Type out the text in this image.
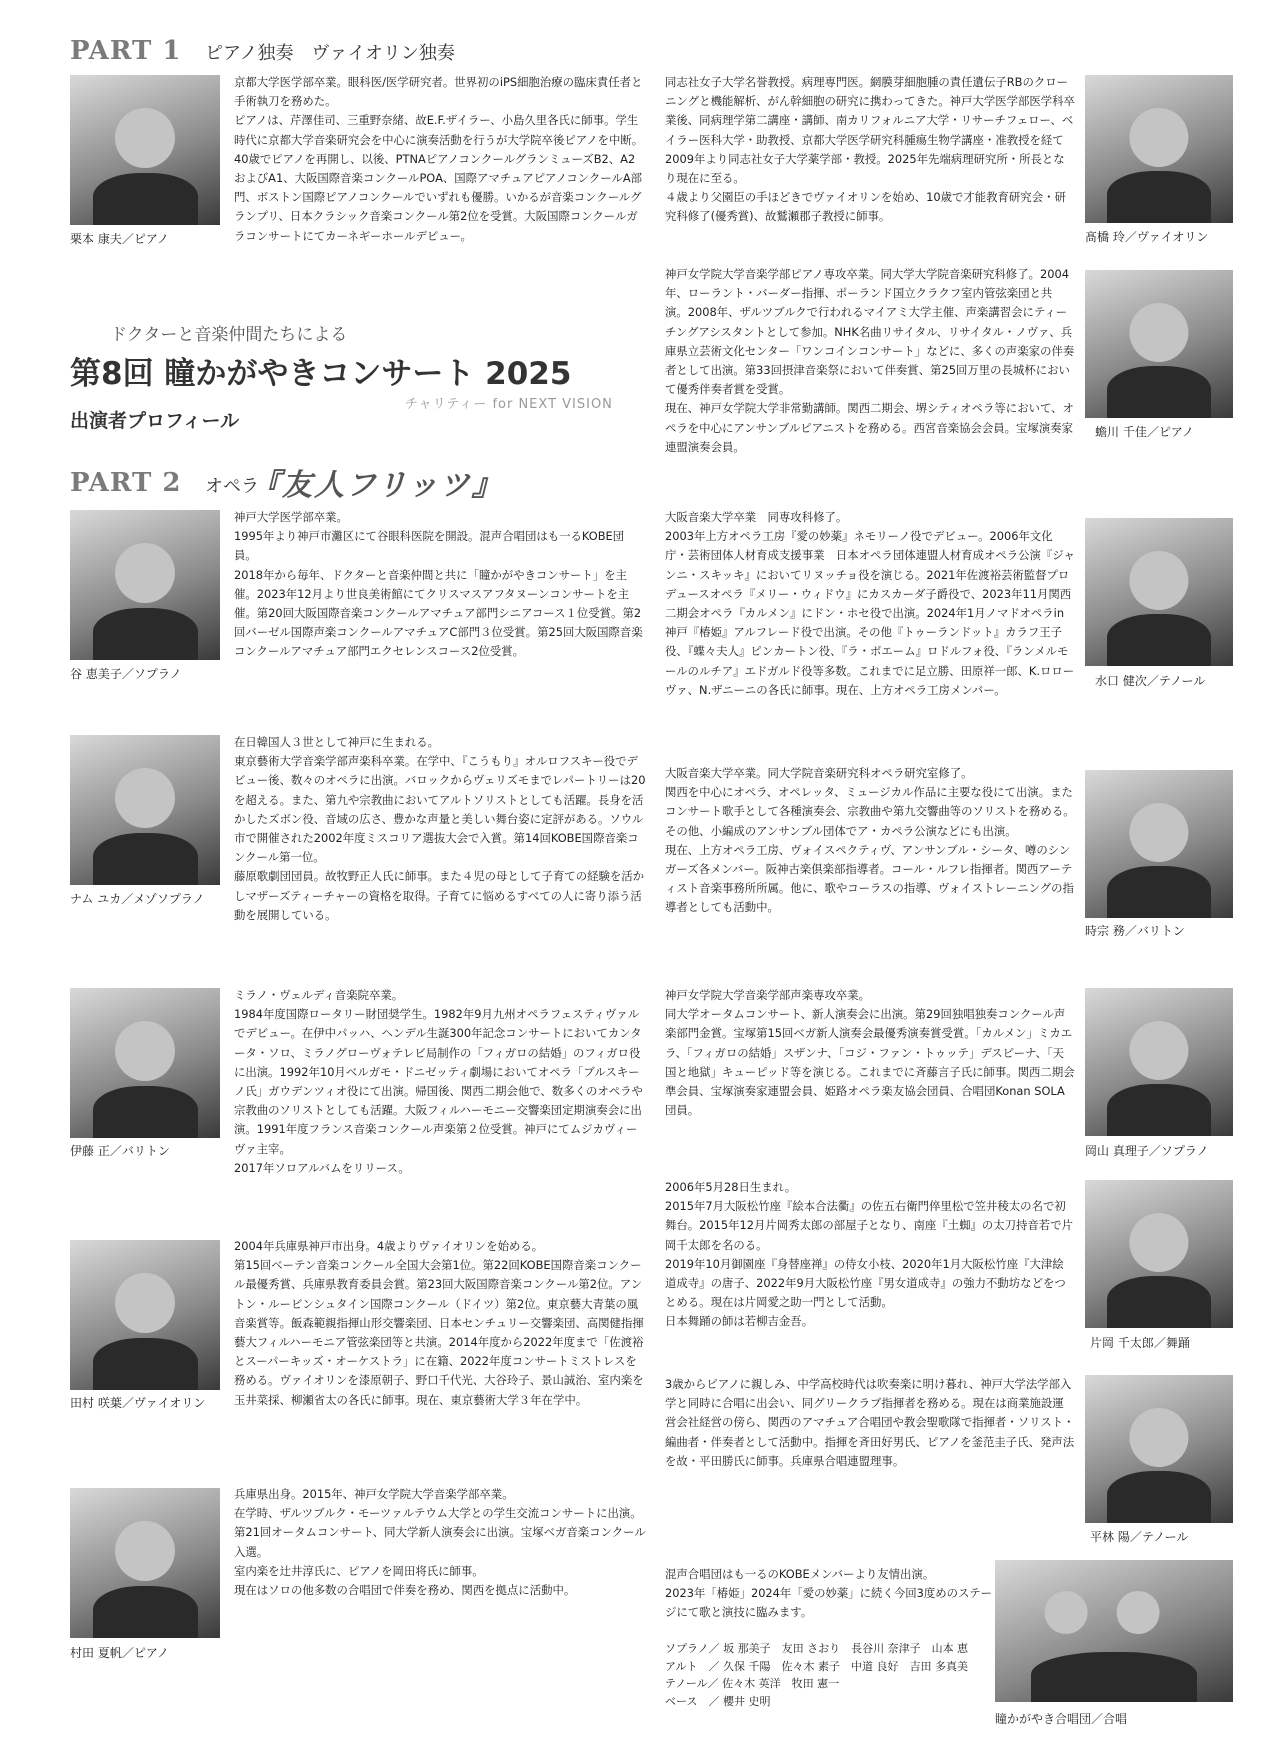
PART 1 ピアノ独奏　ヴァイオリン独奏
栗本 康夫／ピアノ

京都大学医学部卒業。眼科医/医学研究者。世界初のiPS細胞治療の臨床責任者と手術執刀を務めた。

ピアノは、芹澤佳司、三重野奈緒、故E.F.ザイラー、小島久里各氏に師事。学生時代に京都大学音楽研究会を中心に演奏活動を行うが大学院卒後ピアノを中断。40歳でピアノを再開し、以後、PTNAピアノコンクールグランミューズB2、A2およびA1、大阪国際音楽コンクールPOA、国際アマチュアピアノコンクールA部門、ボストン国際ピアノコンクールでいずれも優勝。いかるが音楽コンクールグランプリ、日本クラシック音楽コンクール第2位を受賞。大阪国際コンクールガラコンサートにてカーネギーホールデビュー。

ドクターと音楽仲間たちによる
第8回 瞳かがやきコンサート 2025
チャリティー for NEXT VISION
出演者プロフィール
PART 2 オペラ
『友人フリッツ』
谷 恵美子／ソプラノ

神戸大学医学部卒業。

1995年より神戸市灘区にて谷眼科医院を開設。混声合唱団はも一るKOBE団員。

2018年から毎年、ドクターと音楽仲間と共に「瞳かがやきコンサート」を主催。2023年12月より世良美術館にてクリスマスアフタヌーンコンサートを主催。第20回大阪国際音楽コンクールアマチュア部門シニアコース１位受賞。第2回バーゼル国際声楽コンクールアマチュアC部門３位受賞。第25回大阪国際音楽コンクールアマチュア部門エクセレンスコース2位受賞。

ナム ユカ／メゾソプラノ

在日韓国人３世として神戸に生まれる。

東京藝術大学音楽学部声楽科卒業。在学中、『こうもり』オルロフスキー役でデビュー後、数々のオペラに出演。バロックからヴェリズモまでレパートリーは20を超える。また、第九や宗教曲においてアルトソリストとしても活躍。長身を活かしたズボン役、音域の広さ、豊かな声量と美しい舞台姿に定評がある。ソウル市で開催された2002年度ミスコリア選抜大会で入賞。第14回KOBE国際音楽コンクール第一位。

藤原歌劇団団員。故牧野正人氏に師事。また４児の母として子育ての経験を活かしマザーズティーチャーの資格を取得。子育てに悩めるすべての人に寄り添う活動を展開している。

伊藤 正／バリトン

ミラノ・ヴェルディ音楽院卒業。

1984年度国際ロータリー財団奨学生。1982年9月九州オペラフェスティヴァルでデビュー。在伊中パッハ、ヘンデル生誕300年記念コンサートにおいてカンタータ・ソロ、ミラノグローヴォテレビ局制作の「フィガロの結婚」のフィガロ役に出演。1992年10月ベルガモ・ドニゼッティ劇場においてオペラ「ブルスキーノ氏」ガウデンツィオ役にて出演。帰国後、関西二期会他で、数多くのオペラや宗教曲のソリストとしても活躍。大阪フィルハーモニー交響楽団定期演奏会に出演。1991年度フランス音楽コンクール声楽第２位受賞。神戸にてムジカヴィーヴァ主宰。

2017年ソロアルバムをリリース。

田村 咲葉／ヴァイオリン

2004年兵庫県神戸市出身。4歳よりヴァイオリンを始める。

第15回ベーテン音楽コンクール全国大会第1位。第22回KOBE国際音楽コンクール最優秀賞、兵庫県教育委員会賞。第23回大阪国際音楽コンクール第2位。アントン・ルービンシュタイン国際コンクール（ドイツ）第2位。東京藝大青葉の風音楽賞等。飯森範親指揮山形交響楽団、日本センチュリー交響楽団、高関健指揮藝大フィルハーモニア管弦楽団等と共演。2014年度から2022年度まで「佐渡裕とスーパーキッズ・オーケストラ」に在籍、2022年度コンサートミストレスを務める。ヴァイオリンを漆原朝子、野口千代光、大谷玲子、景山誠治、室内楽を玉井菜採、柳瀬省太の各氏に師事。現在、東京藝術大学３年在学中。

村田 夏帆／ピアノ

兵庫県出身。2015年、神戸女学院大学音楽学部卒業。

在学時、ザルツブルク・モーツァルテウム大学との学生交流コンサートに出演。第21回オータムコンサート、同大学新人演奏会に出演。宝塚ベガ音楽コンクール入選。

室内楽を辻井淳氏に、ピアノを岡田将氏に師事。

現在はソロの他多数の合唱団で伴奏を務め、関西を拠点に活動中。

同志社女子大学名誉教授。病理専門医。網膜芽細胞腫の責任遺伝子RBのクローニングと機能解析、がん幹細胞の研究に携わってきた。神戸大学医学部医学科卒業後、同病理学第二講座・講師、南カリフォルニア大学・リサーチフェロー、ベイラー医科大学・助教授、京都大学医学研究科腫瘍生物学講座・准教授を経て2009年より同志社女子大学薬学部・教授。2025年先端病理研究所・所長となり現在に至る。

４歳より父園臣の手ほどきでヴァイオリンを始め、10歳で才能教育研究会・研究科修了(優秀賞)、故鷲瀬郡子教授に師事。

髙橋 玲／ヴァイオリン

神戸女学院大学音楽学部ピアノ専攻卒業。同大学大学院音楽研究科修了。2004年、ローラント・バーダー指揮、ポーランド国立クラクフ室内管弦楽団と共演。2008年、ザルツブルクで行われるマイアミ大学主催、声楽講習会にティーチングアシスタントとして参加。NHK名曲リサイタル、リサイタル・ノヴァ、兵庫県立芸術文化センター「ワンコインコンサート」などに、多くの声楽家の伴奏者として出演。第33回摂津音楽祭において伴奏賞、第25回万里の長城杯において優秀伴奏者賞を受賞。

現在、神戸女学院大学非常勤講師。関西二期会、堺シティオペラ等において、オペラを中心にアンサンブルピアニストを務める。西宮音楽協会会員。宝塚演奏家連盟演奏会員。

蟾川 千佳／ピアノ

大阪音楽大学卒業　同専攻科修了。

2003年上方オペラ工房『愛の妙薬』ネモリーノ役でデビュー。2006年文化庁・芸術団体人材育成支援事業　日本オペラ団体連盟人材育成オペラ公演『ジャンニ・スキッキ』においてリヌッチョ役を演じる。2021年佐渡裕芸術監督プロデュースオペラ『メリー・ウィドウ』にカスカーダ子爵役で、2023年11月関西二期会オペラ『カルメン』にドン・ホセ役で出演。2024年1月ノマドオペラin神戸『椿姫』アルフレード役で出演。その他『トゥーランドット』カラフ王子役、『蝶々夫人』ピンカートン役、『ラ・ボエーム』ロドルフォ役、『ランメルモールのルチア』エドガルド役等多数。これまでに足立勝、田原祥一郎、K.ロローヴァ、N.ザニーニの各氏に師事。現在、上方オペラ工房メンバー。

水口 健次／テノール

大阪音楽大学卒業。同大学院音楽研究科オペラ研究室修了。

関西を中心にオペラ、オペレッタ、ミュージカル作品に主要な役にて出演。またコンサート歌手として各種演奏会、宗教曲や第九交響曲等のソリストを務める。その他、小編成のアンサンブル団体でア・カペラ公演などにも出演。

現在、上方オペラ工房、ヴォイスペクティヴ、アンサンブル・シータ、噂のシンガーズ各メンバー。阪神古楽倶楽部指導者。コール・ルフレ指揮者。関西アーティスト音楽事務所所属。他に、歌やコーラスの指導、ヴォイストレーニングの指導者としても活動中。

時宗 務／バリトン

神戸女学院大学音楽学部声楽専攻卒業。

同大学オータムコンサート、新人演奏会に出演。第29回独唱独奏コンクール声楽部門金賞。宝塚第15回ベガ新人演奏会最優秀演奏賞受賞。「カルメン」ミカエラ、「フィガロの結婚」スザンナ、「コジ・ファン・トゥッテ」デスピーナ、「天国と地獄」キューピッド等を演じる。これまでに斉藤言子氏に師事。関西二期会準会員、宝塚演奏家連盟会員、姫路オペラ楽友協会団員、合唱団Konan SOLA団員。

岡山 真理子／ソプラノ

2006年5月28日生まれ。

2015年7月大阪松竹座『絵本合法衢』の佐五右衛門倅里松で笠井稜太の名で初舞台。2015年12月片岡秀太郎の部屋子となり、南座『土蜘』の太刀持音若で片岡千太郎を名のる。

2019年10月御園座『身替座禅』の侍女小枝、2020年1月大阪松竹座『大津絵道成寺』の唐子、2022年9月大阪松竹座『男女道成寺』の強力不動坊などをつとめる。現在は片岡愛之助一門として活動。

日本舞踊の師は若柳吉金吾。

片岡 千太郎／舞踊

3歳からピアノに親しみ、中学高校時代は吹奏楽に明け暮れ、神戸大学法学部入学と同時に合唱に出会い、同グリークラブ指揮者を務める。現在は商業施設運営会社経営の傍ら、関西のアマチュア合唱団や教会聖歌隊で指揮者・ソリスト・編曲者・伴奏者として活動中。指揮を斉田好男氏、ピアノを釜范圭子氏、発声法を故・平田勝氏に師事。兵庫県合唱連盟理事。

平林 陽／テノール

混声合唱団はも一るのKOBEメンバーより友情出演。

2023年「椿姫」2024年「愛の妙薬」に続く今回3度めのステージにて歌と演技に臨みます。

ソプラノ／ 坂 那美子　友田 さおり　長谷川 奈津子　山本 恵

アルト　／ 久保 千陽　佐々木 素子　中道 良好　吉田 多真美

テノール／ 佐々木 英洋　牧田 憲一

ベース　／ 櫻井 史明

瞳かがやき合唱団／合唱
